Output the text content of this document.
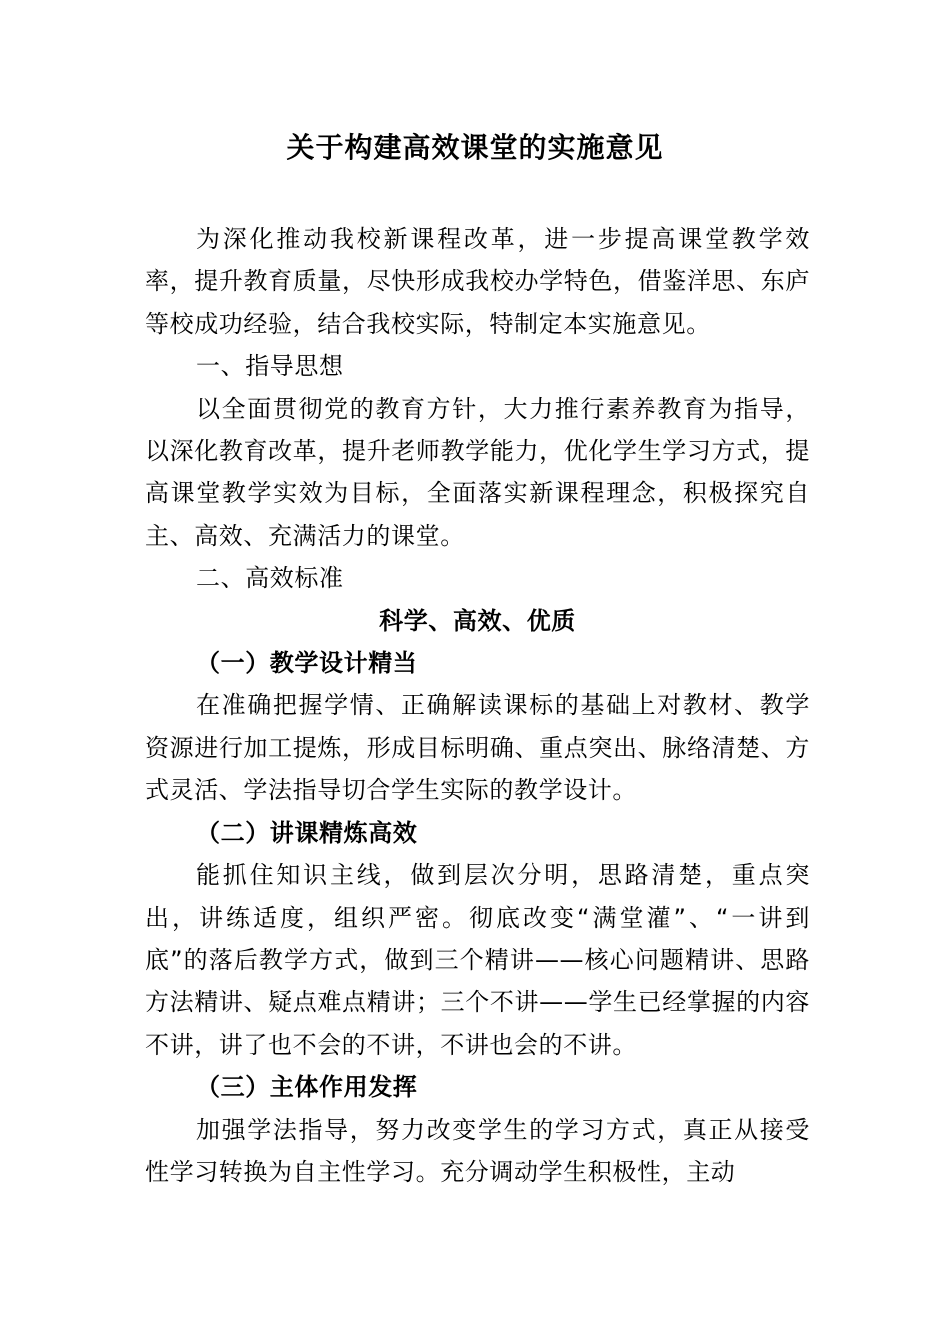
关于构建高效课堂的实施意见

为深化推动我校新课程改革，进一步提高课堂教学效率，提升教育质量，尽快形成我校办学特色，借鉴洋思、东庐等校成功经验，结合我校实际，特制定本实施意见。

一、指导思想

以全面贯彻党的教育方针，大力推行素养教育为指导，以深化教育改革，提升老师教学能力，优化学生学习方式，提高课堂教学实效为目标，全面落实新课程理念，积极探究自主、高效、充满活力的课堂。

二、高效标准

科学、高效、优质

（一）教学设计精当

在准确把握学情、正确解读课标的基础上对教材、教学资源进行加工提炼，形成目标明确、重点突出、脉络清楚、方式灵活、学法指导切合学生实际的教学设计。

（二）讲课精炼高效

能抓住知识主线，做到层次分明，思路清楚，重点突出，讲练适度，组织严密。彻底改变“满堂灌”、“一讲到底”的落后教学方式，做到三个精讲——核心问题精讲、思路方法精讲、疑点难点精讲；三个不讲——学生已经掌握的内容不讲，讲了也不会的不讲，不讲也会的不讲。

（三）主体作用发挥

加强学法指导，努力改变学生的学习方式，真正从接受性学习转换为自主性学习。充分调动学生积极性，主动
